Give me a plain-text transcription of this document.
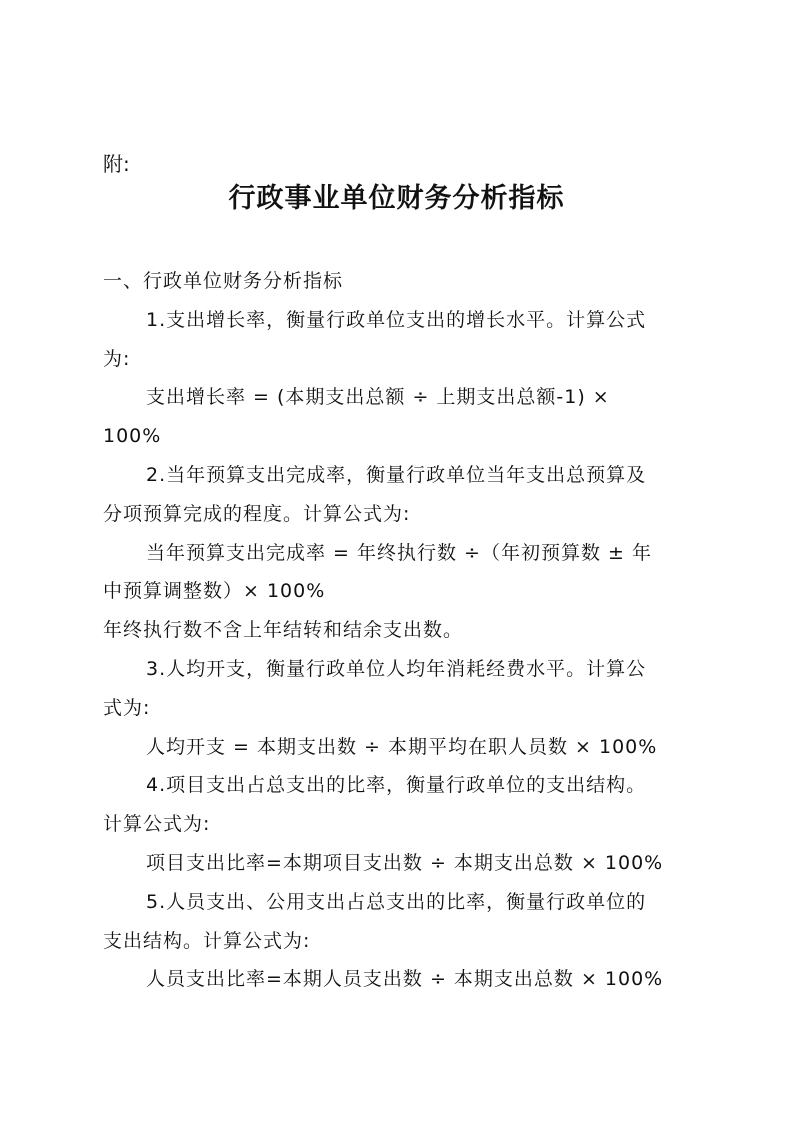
附:
行政事业单位财务分析指标

一、行政单位财务分析指标

1.支出增长率，衡量行政单位支出的增长水平。计算公式为:

支出增长率 = (本期支出总额 ÷ 上期支出总额-1) × 100%

2.当年预算支出完成率，衡量行政单位当年支出总预算及分项预算完成的程度。计算公式为:

当年预算支出完成率 = 年终执行数 ÷（年初预算数 ± 年中预算调整数）× 100%

年终执行数不含上年结转和结余支出数。

3.人均开支，衡量行政单位人均年消耗经费水平。计算公式为:

人均开支 = 本期支出数 ÷ 本期平均在职人员数 × 100%

4.项目支出占总支出的比率，衡量行政单位的支出结构。计算公式为:

项目支出比率=本期项目支出数 ÷ 本期支出总数 × 100%

5.人员支出、公用支出占总支出的比率，衡量行政单位的支出结构。计算公式为:

人员支出比率=本期人员支出数 ÷ 本期支出总数 × 100%
